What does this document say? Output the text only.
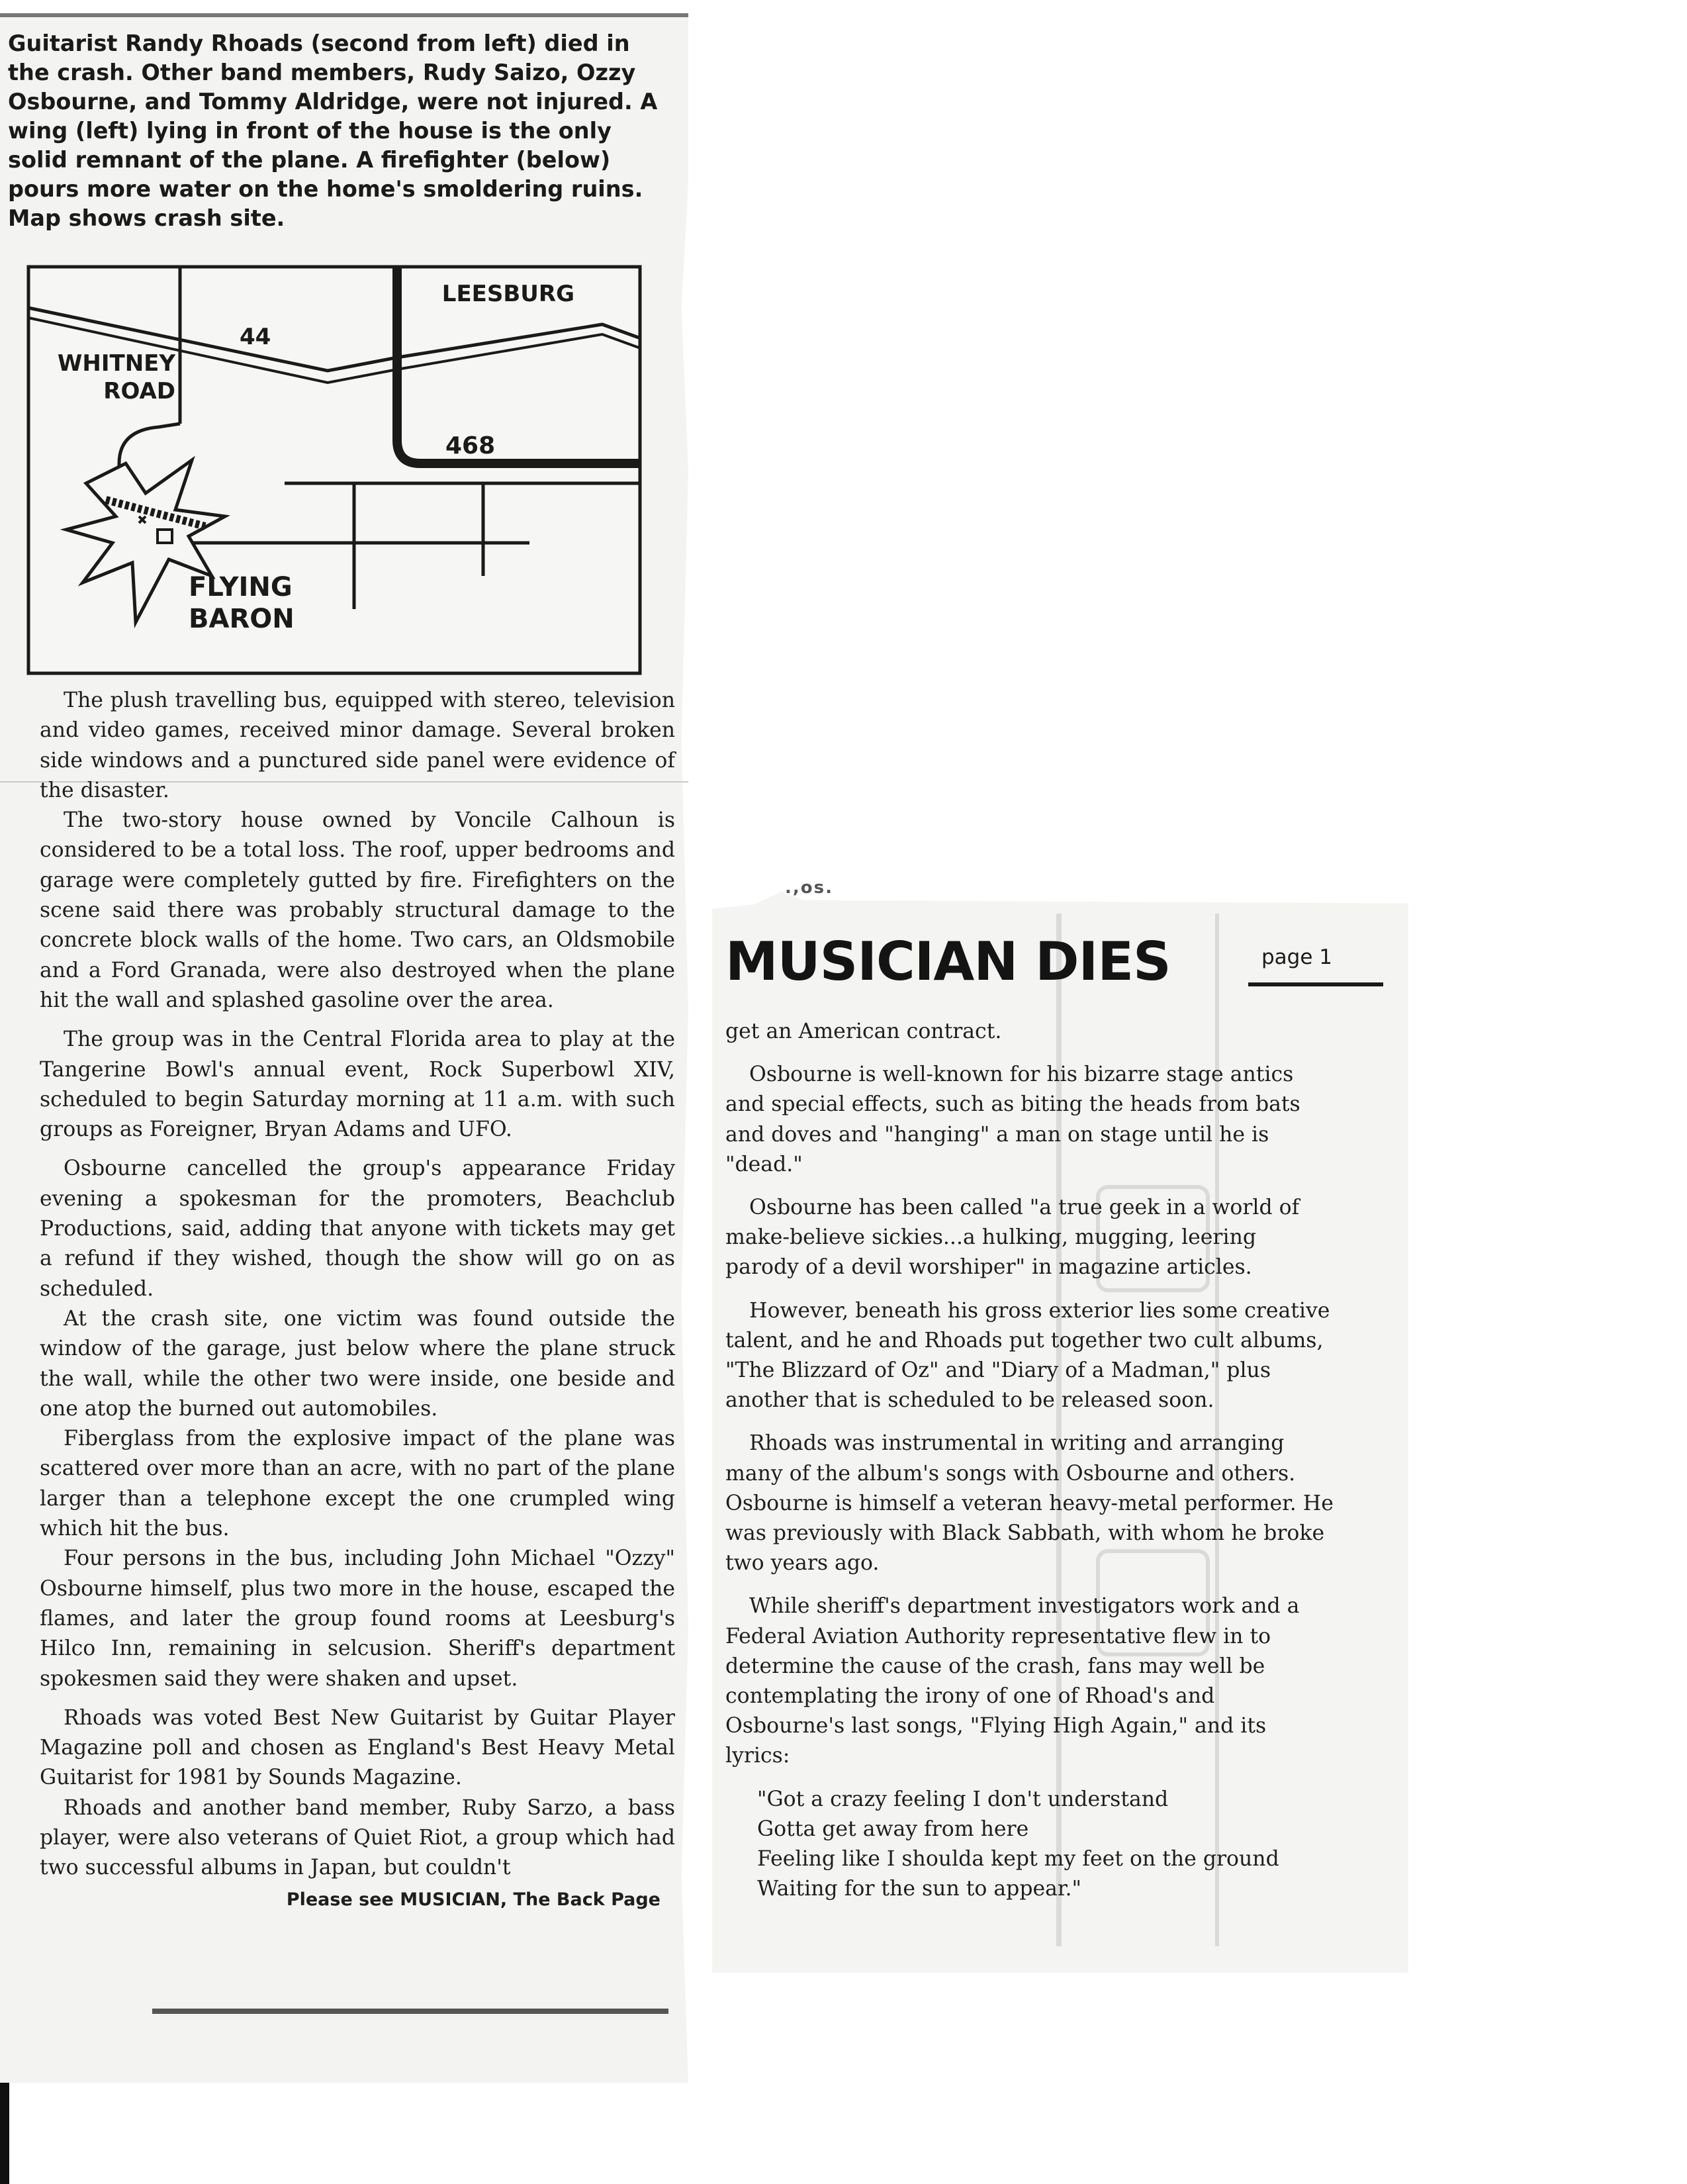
Guitarist Randy Rhoads (second from left) died in the crash. Other band members, Rudy Saizo, Ozzy Osbourne, and Tommy Aldridge, were not injured. A wing (left) lying in front of the house is the only solid remnant of the plane. A firefighter (below) pours more water on the home's smoldering ruins. Map shows crash site.
LEESBURG
44
WHITNEY
ROAD
468
FLYING
BARON

The plush travelling bus, equipped with stereo, television and video games, received minor damage. Several broken side windows and a punctured side panel were evidence of the disaster.

The two-story house owned by Voncile Calhoun is considered to be a total loss. The roof, upper bedrooms and garage were completely gutted by fire. Firefighters on the scene said there was probably structural damage to the concrete block walls of the home. Two cars, an Oldsmobile and a Ford Granada, were also destroyed when the plane hit the wall and splashed gasoline over the area.

The group was in the Central Florida area to play at the Tangerine Bowl's annual event, Rock Superbowl XIV, scheduled to begin Saturday morning at 11 a.m. with such groups as Foreigner, Bryan Adams and UFO.

Osbourne cancelled the group's appearance Friday evening a spokesman for the promoters, Beachclub Productions, said, adding that anyone with tickets may get a refund if they wished, though the show will go on as scheduled.

At the crash site, one victim was found outside the window of the garage, just below where the plane struck the wall, while the other two were inside, one beside and one atop the burned out automobiles.

Fiberglass from the explosive impact of the plane was scattered over more than an acre, with no part of the plane larger than a telephone except the one crumpled wing which hit the bus.

Four persons in the bus, including John Michael "Ozzy" Osbourne himself, plus two more in the house, escaped the flames, and later the group found rooms at Leesburg's Hilco Inn, remaining in selcusion. Sheriff's department spokesmen said they were shaken and upset.

Rhoads was voted Best New Guitarist by Guitar Player Magazine poll and chosen as England's Best Heavy Metal Guitarist for 1981 by Sounds Magazine.

Rhoads and another band member, Ruby Sarzo, a bass player, were also veterans of Quiet Riot, a group which had two successful albums in Japan, but couldn't

Please see MUSICIAN, The Back Page

.,os.
MUSICIAN DIES	page 1

get an American contract.

Osbourne is well-known for his bizarre stage antics and special effects, such as biting the heads from bats and doves and "hanging" a man on stage until he is "dead."

Osbourne has been called "a true geek in a world of make-believe sickies...a hulking, mugging, leering parody of a devil worshiper" in magazine articles.

However, beneath his gross exterior lies some creative talent, and he and Rhoads put together two cult albums, "The Blizzard of Oz" and "Diary of a Madman," plus another that is scheduled to be released soon.

Rhoads was instrumental in writing and arranging many of the album's songs with Osbourne and others. Osbourne is himself a veteran heavy-metal performer. He was previously with Black Sabbath, with whom he broke two years ago.

While sheriff's department investigators work and a Federal Aviation Authority representative flew in to determine the cause of the crash, fans may well be contemplating the irony of one of Rhoad's and Osbourne's last songs, "Flying High Again," and its lyrics:

"Got a crazy feeling I don't understand
Gotta get away from here
Feeling like I shoulda kept my feet on the ground
Waiting for the sun to appear."
